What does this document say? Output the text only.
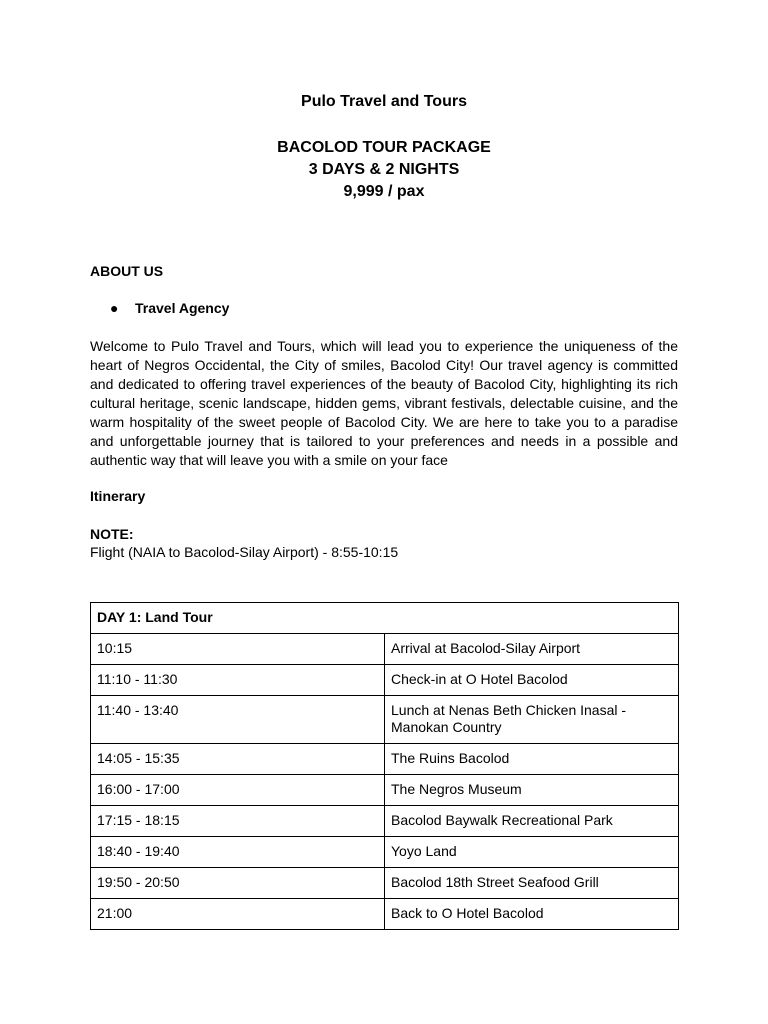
Pulo Travel and Tours
BACOLOD TOUR PACKAGE
3 DAYS & 2 NIGHTS
9,999 / pax
ABOUT US
● Travel Agency
Welcome to Pulo Travel and Tours, which will lead you to experience the uniqueness of the heart of Negros Occidental, the City of smiles, Bacolod City! Our travel agency is committed and dedicated to offering travel experiences of the beauty of Bacolod City, highlighting its rich cultural heritage, scenic landscape, hidden gems, vibrant festivals, delectable cuisine, and the warm hospitality of the sweet people of Bacolod City. We are here to take you to a paradise and unforgettable journey that is tailored to your preferences and needs in a possible and authentic way that will leave you with a smile on your face
Itinerary
NOTE:
Flight (NAIA to Bacolod-Silay Airport) - 8:55-10:15
DAY 1: Land Tour	
10:15	Arrival at Bacolod-Silay Airport
11:10 - 11:30	Check-in at O Hotel Bacolod
11:40 - 13:40	Lunch at Nenas Beth Chicken Inasal - Manokan Country
14:05 - 15:35	The Ruins Bacolod
16:00 - 17:00	The Negros Museum
17:15 - 18:15	Bacolod Baywalk Recreational Park
18:40 - 19:40	Yoyo Land
19:50 - 20:50	Bacolod 18th Street Seafood Grill
21:00	Back to O Hotel Bacolod
